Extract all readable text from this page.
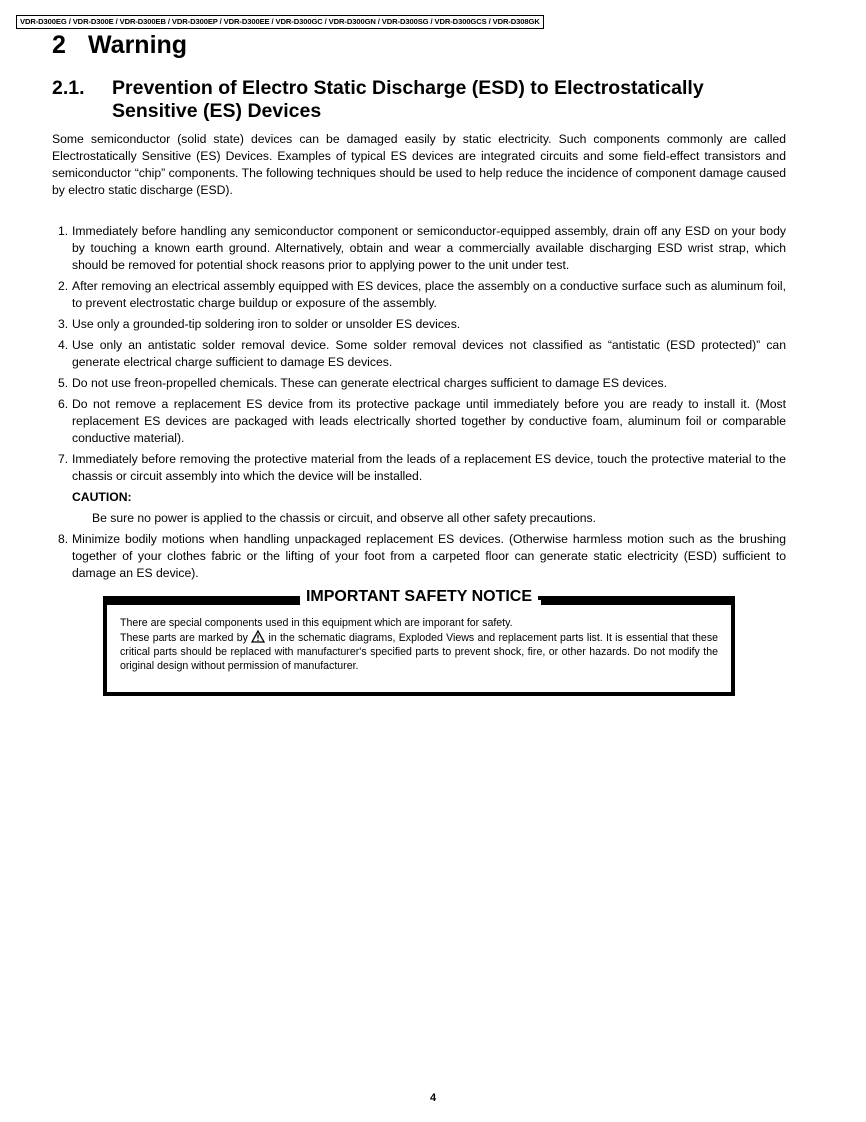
VDR-D300EG / VDR-D300E / VDR-D300EB / VDR-D300EP / VDR-D300EE / VDR-D300GC / VDR-D300GN / VDR-D300SG / VDR-D300GCS / VDR-D308GK
2 Warning
2.1. Prevention of Electro Static Discharge (ESD) to Electrostatically Sensitive (ES) Devices

Some semiconductor (solid state) devices can be damaged easily by static electricity. Such components commonly are called Electrostatically Sensitive (ES) Devices. Examples of typical ES devices are integrated circuits and some field-effect transistors and semiconductor “chip” components. The following techniques should be used to help reduce the incidence of component damage caused by electro static discharge (ESD).

1. Immediately before handling any semiconductor component or semiconductor-equipped assembly, drain off any ESD on your body by touching a known earth ground. Alternatively, obtain and wear a commercially available discharging ESD wrist strap, which should be removed for potential shock reasons prior to applying power to the unit under test.
2. After removing an electrical assembly equipped with ES devices, place the assembly on a conductive surface such as aluminum foil, to prevent electrostatic charge buildup or exposure of the assembly.
3. Use only a grounded-tip soldering iron to solder or unsolder ES devices.
4. Use only an antistatic solder removal device. Some solder removal devices not classified as “antistatic (ESD protected)” can generate electrical charge sufficient to damage ES devices.
5. Do not use freon-propelled chemicals. These can generate electrical charges sufficient to damage ES devices.
6. Do not remove a replacement ES device from its protective package until immediately before you are ready to install it. (Most replacement ES devices are packaged with leads electrically shorted together by conductive foam, aluminum foil or comparable conductive material).
7. Immediately before removing the protective material from the leads of a replacement ES device, touch the protective material to the chassis or circuit assembly into which the device will be installed.
CAUTION:
Be sure no power is applied to the chassis or circuit, and observe all other safety precautions.
8. Minimize bodily motions when handling unpackaged replacement ES devices. (Otherwise harmless motion such as the brushing together of your clothes fabric or the lifting of your foot from a carpeted floor can generate static electricity (ESD) sufficient to damage an ES device).
IMPORTANT SAFETY NOTICE

There are special components used in this equipment which are imporant for safety.

These parts are marked by in the schematic diagrams, Exploded Views and replacement parts list. It is essential that these critical parts should be replaced with manufacturer's specified parts to prevent shock, fire, or other hazards. Do not modify the original design without permission of manufacturer.

4
